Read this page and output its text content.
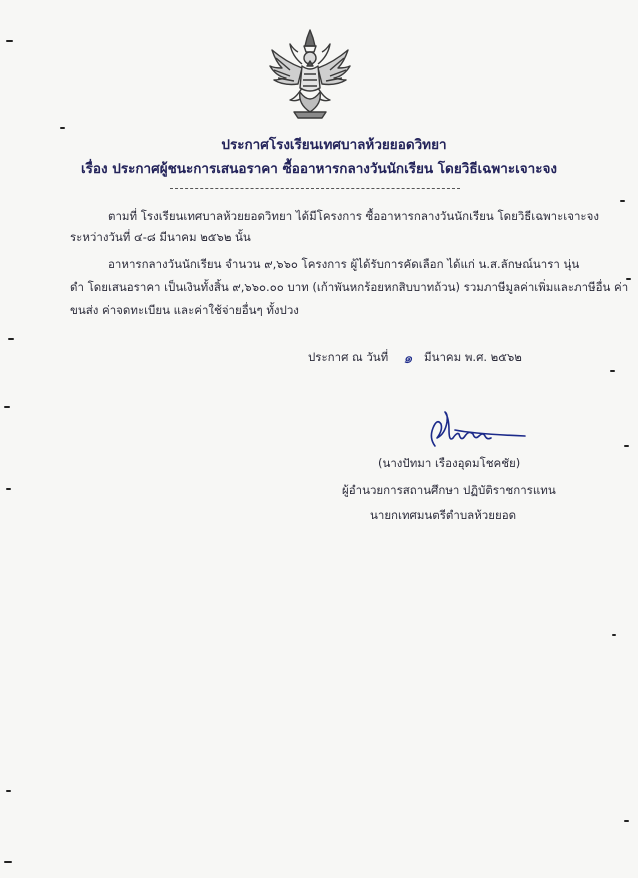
ประกาศโรงเรียนเทศบาลห้วยยอดวิทยา
เรื่อง ประกาศผู้ชนะการเสนอราคา ซื้ออาหารกลางวันนักเรียน โดยวิธีเฉพาะเจาะจง
ตามที่ โรงเรียนเทศบาลห้วยยอดวิทยา ได้มีโครงการ ซื้ออาหารกลางวันนักเรียน โดยวิธีเฉพาะเจาะจง
ระหว่างวันที่ ๔-๘ มีนาคม ๒๕๖๒ นั้น
อาหารกลางวันนักเรียน จำนวน ๙,๖๖๐ โครงการ ผู้ได้รับการคัดเลือก ได้แก่ น.ส.ลักษณ์นารา นุ่น
ดำ โดยเสนอราคา เป็นเงินทั้งสิ้น ๙,๖๖๐.๐๐ บาท (เก้าพันหกร้อยหกสิบบาทถ้วน) รวมภาษีมูลค่าเพิ่มและภาษีอื่น ค่า
ขนส่ง ค่าจดทะเบียน และค่าใช้จ่ายอื่นๆ ทั้งปวง
ประกาศ ณ วันที่ ๑ มีนาคม พ.ศ. ๒๕๖๒
(นางปัทมา เรืองอุดมโชคชัย)
ผู้อำนวยการสถานศึกษา ปฏิบัติราชการแทน
นายกเทศมนตรีตำบลห้วยยอด
